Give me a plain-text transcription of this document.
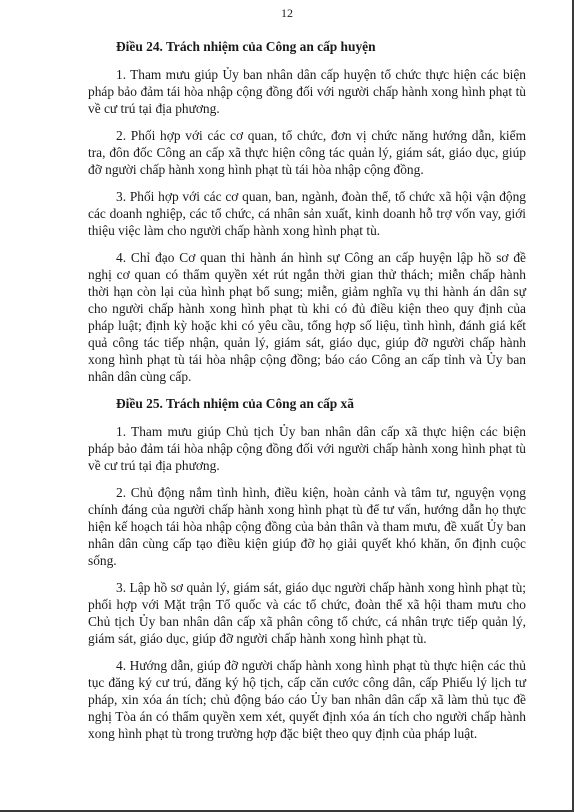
12

Điều 24. Trách nhiệm của Công an cấp huyện

1. Tham mưu giúp Ủy ban nhân dân cấp huyện tổ chức thực hiện các biện pháp bảo đảm tái hòa nhập cộng đồng đối với người chấp hành xong hình phạt tù về cư trú tại địa phương.

2. Phối hợp với các cơ quan, tổ chức, đơn vị chức năng hướng dẫn, kiểm tra, đôn đốc Công an cấp xã thực hiện công tác quản lý, giám sát, giáo dục, giúp đỡ người chấp hành xong hình phạt tù tái hòa nhập cộng đồng.

3. Phối hợp với các cơ quan, ban, ngành, đoàn thể, tổ chức xã hội vận động các doanh nghiệp, các tổ chức, cá nhân sản xuất, kinh doanh hỗ trợ vốn vay, giới thiệu việc làm cho người chấp hành xong hình phạt tù.

4. Chỉ đạo Cơ quan thi hành án hình sự Công an cấp huyện lập hồ sơ đề nghị cơ quan có thẩm quyền xét rút ngắn thời gian thử thách; miễn chấp hành thời hạn còn lại của hình phạt bổ sung; miễn, giảm nghĩa vụ thi hành án dân sự cho người chấp hành xong hình phạt tù khi có đủ điều kiện theo quy định của pháp luật; định kỳ hoặc khi có yêu cầu, tổng hợp số liệu, tình hình, đánh giá kết quả công tác tiếp nhận, quản lý, giám sát, giáo dục, giúp đỡ người chấp hành xong hình phạt tù tái hòa nhập cộng đồng; báo cáo Công an cấp tỉnh và Ủy ban nhân dân cùng cấp.

Điều 25. Trách nhiệm của Công an cấp xã

1. Tham mưu giúp Chủ tịch Ủy ban nhân dân cấp xã thực hiện các biện pháp bảo đảm tái hòa nhập cộng đồng đối với người chấp hành xong hình phạt tù về cư trú tại địa phương.

2. Chủ động nắm tình hình, điều kiện, hoàn cảnh và tâm tư, nguyện vọng chính đáng của người chấp hành xong hình phạt tù để tư vấn, hướng dẫn họ thực hiện kế hoạch tái hòa nhập cộng đồng của bản thân và tham mưu, đề xuất Ủy ban nhân dân cùng cấp tạo điều kiện giúp đỡ họ giải quyết khó khăn, ổn định cuộc sống.

3. Lập hồ sơ quản lý, giám sát, giáo dục người chấp hành xong hình phạt tù; phối hợp với Mặt trận Tổ quốc và các tổ chức, đoàn thể xã hội tham mưu cho Chủ tịch Ủy ban nhân dân cấp xã phân công tổ chức, cá nhân trực tiếp quản lý, giám sát, giáo dục, giúp đỡ người chấp hành xong hình phạt tù.

4. Hướng dẫn, giúp đỡ người chấp hành xong hình phạt tù thực hiện các thủ tục đăng ký cư trú, đăng ký hộ tịch, cấp căn cước công dân, cấp Phiếu lý lịch tư pháp, xin xóa án tích; chủ động báo cáo Ủy ban nhân dân cấp xã làm thủ tục đề nghị Tòa án có thẩm quyền xem xét, quyết định xóa án tích cho người chấp hành xong hình phạt tù trong trường hợp đặc biệt theo quy định của pháp luật.
